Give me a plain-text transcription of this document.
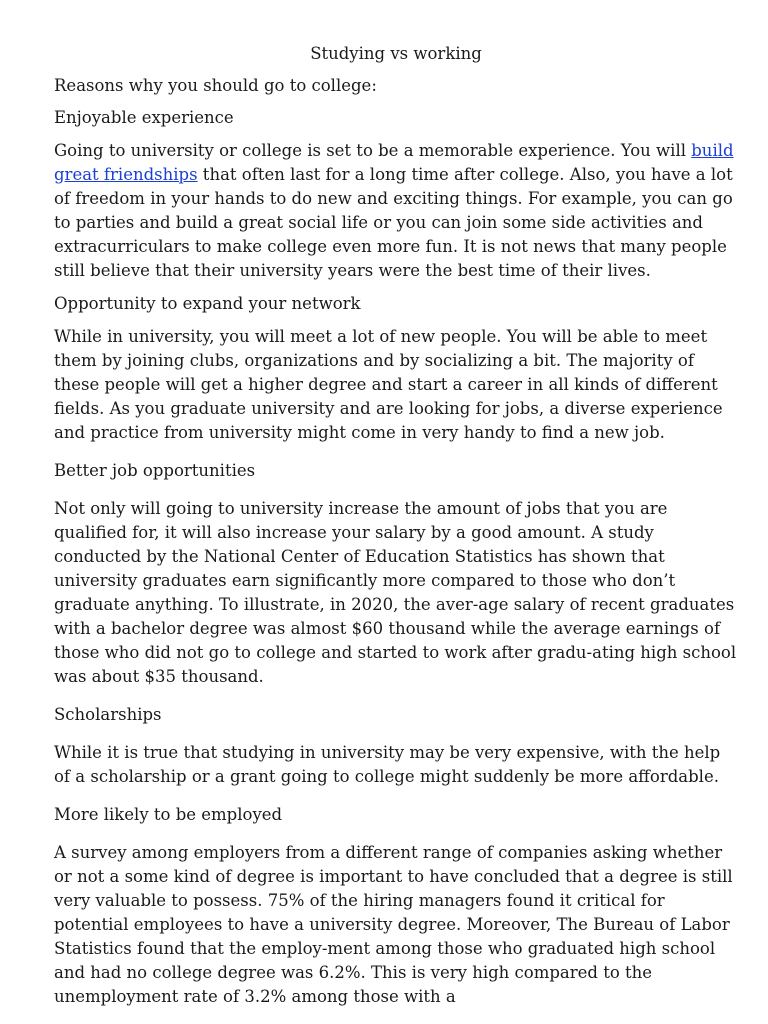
Studying vs working

Reasons why you should go to college:

Enjoyable experience

Going to university or college is set to be a memorable experience. You will build great friendships that often last for a long time after college. Also, you have a lot of freedom in your hands to do new and exciting things. For example, you can go to parties and build a great social life or you can join some side activities and extracurriculars to make college even more fun. It is not news that many people still believe that their university years were the best time of their lives.

Opportunity to expand your network

While in university, you will meet a lot of new people. You will be able to meet them by joining clubs, organizations and by socializing a bit. The majority of these people will get a higher degree and start a career in all kinds of different fields. As you graduate university and are looking for jobs, a diverse experience and practice from university might come in very handy to find a new job.

Better job opportunities

Not only will going to university increase the amount of jobs that you are qualified for, it will also increase your salary by a good amount. A study conducted by the National Center of Education Statistics has shown that university graduates earn significantly more compared to those who don’t graduate anything. To illustrate, in 2020, the aver-age salary of recent graduates with a bachelor degree was almost $60 thousand while the average earnings of those who did not go to college and started to work after gradu-ating high school was about $35 thousand.

Scholarships

While it is true that studying in university may be very expensive, with the help of a scholarship or a grant going to college might suddenly be more affordable.

More likely to be employed

A survey among employers from a different range of companies asking whether or not a some kind of degree is important to have concluded that a degree is still very valuable to possess. 75% of the hiring managers found it critical for potential employees to have a university degree. Moreover, The Bureau of Labor Statistics found that the employ-ment among those who graduated high school and had no college degree was 6.2%. This is very high compared to the unemployment rate of 3.2% among those with a
